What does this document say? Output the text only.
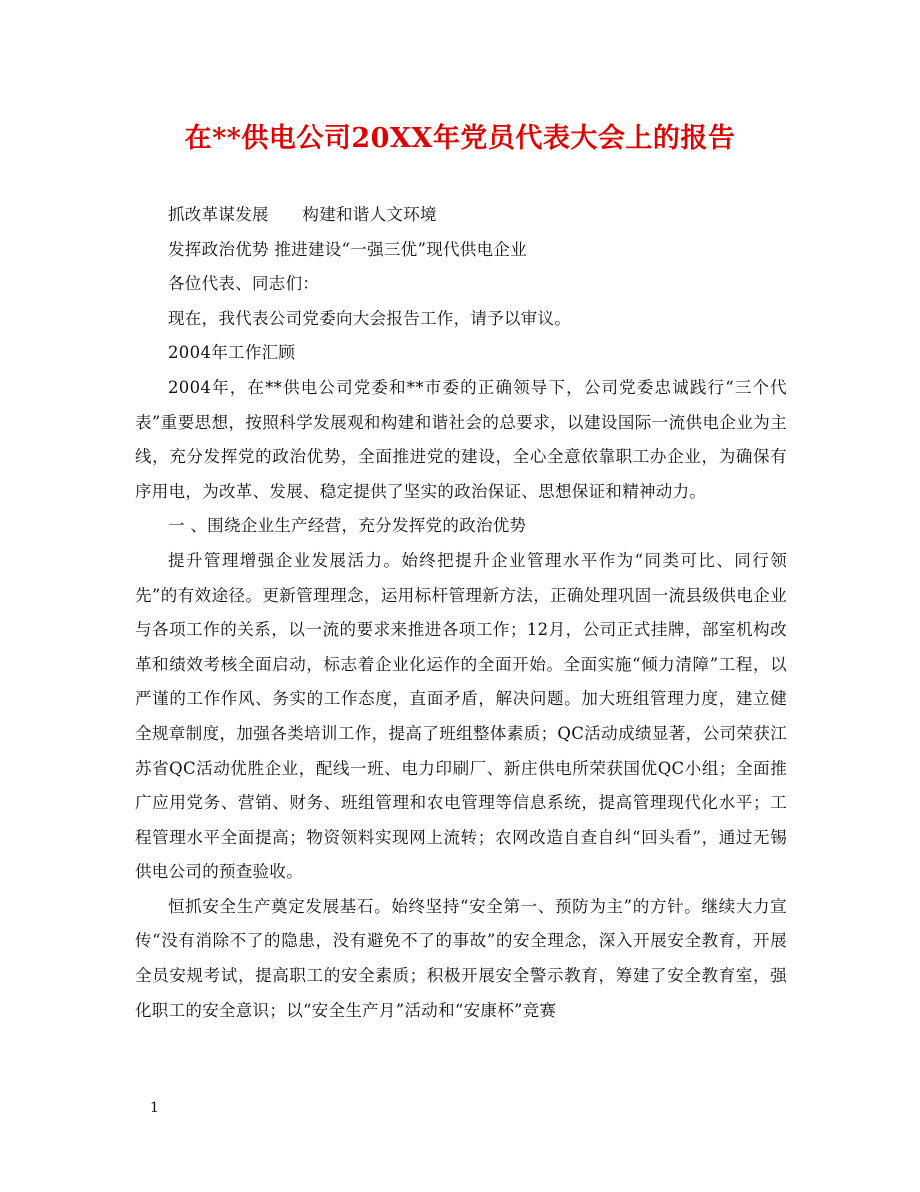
在**供电公司20XX年党员代表大会上的报告

抓改革谋发展　　构建和谐人文环境

发挥政治优势 推进建设“一强三优”现代供电企业

各位代表、同志们：

现在，我代表公司党委向大会报告工作，请予以审议。

2004年工作汇顾

2004年，在**供电公司党委和**市委的正确领导下，公司党委忠诚践行“三个代表”重要思想，按照科学发展观和构建和谐社会的总要求，以建设国际一流供电企业为主线，充分发挥党的政治优势，全面推进党的建设，全心全意依靠职工办企业，为确保有序用电，为改革、发展、稳定提供了坚实的政治保证、思想保证和精神动力。

一 、围绕企业生产经营，充分发挥党的政治优势

提升管理增强企业发展活力。始终把提升企业管理水平作为“同类可比、同行领先”的有效途径。更新管理理念，运用标杆管理新方法，正确处理巩固一流县级供电企业与各项工作的关系，以一流的要求来推进各项工作；12月，公司正式挂牌，部室机构改革和绩效考核全面启动，标志着企业化运作的全面开始。全面实施“倾力清障”工程，以严谨的工作作风、务实的工作态度，直面矛盾，解决问题。加大班组管理力度，建立健全规章制度，加强各类培训工作，提高了班组整体素质；QC活动成绩显著，公司荣获江苏省QC活动优胜企业，配线一班、电力印刷厂、新庄供电所荣获国优QC小组；全面推广应用党务、营销、财务、班组管理和农电管理等信息系统，提高管理现代化水平；工程管理水平全面提高；物资领料实现网上流转；农网改造自查自纠“回头看”，通过无锡供电公司的预查验收。

恒抓安全生产奠定发展基石。始终坚持“安全第一、预防为主”的方针。继续大力宣传“没有消除不了的隐患，没有避免不了的事故”的安全理念，深入开展安全教育，开展全员安规考试，提高职工的安全素质；积极开展安全警示教育，筹建了安全教育室，强化职工的安全意识；以“安全生产月”活动和“安康杯”竞赛

1
